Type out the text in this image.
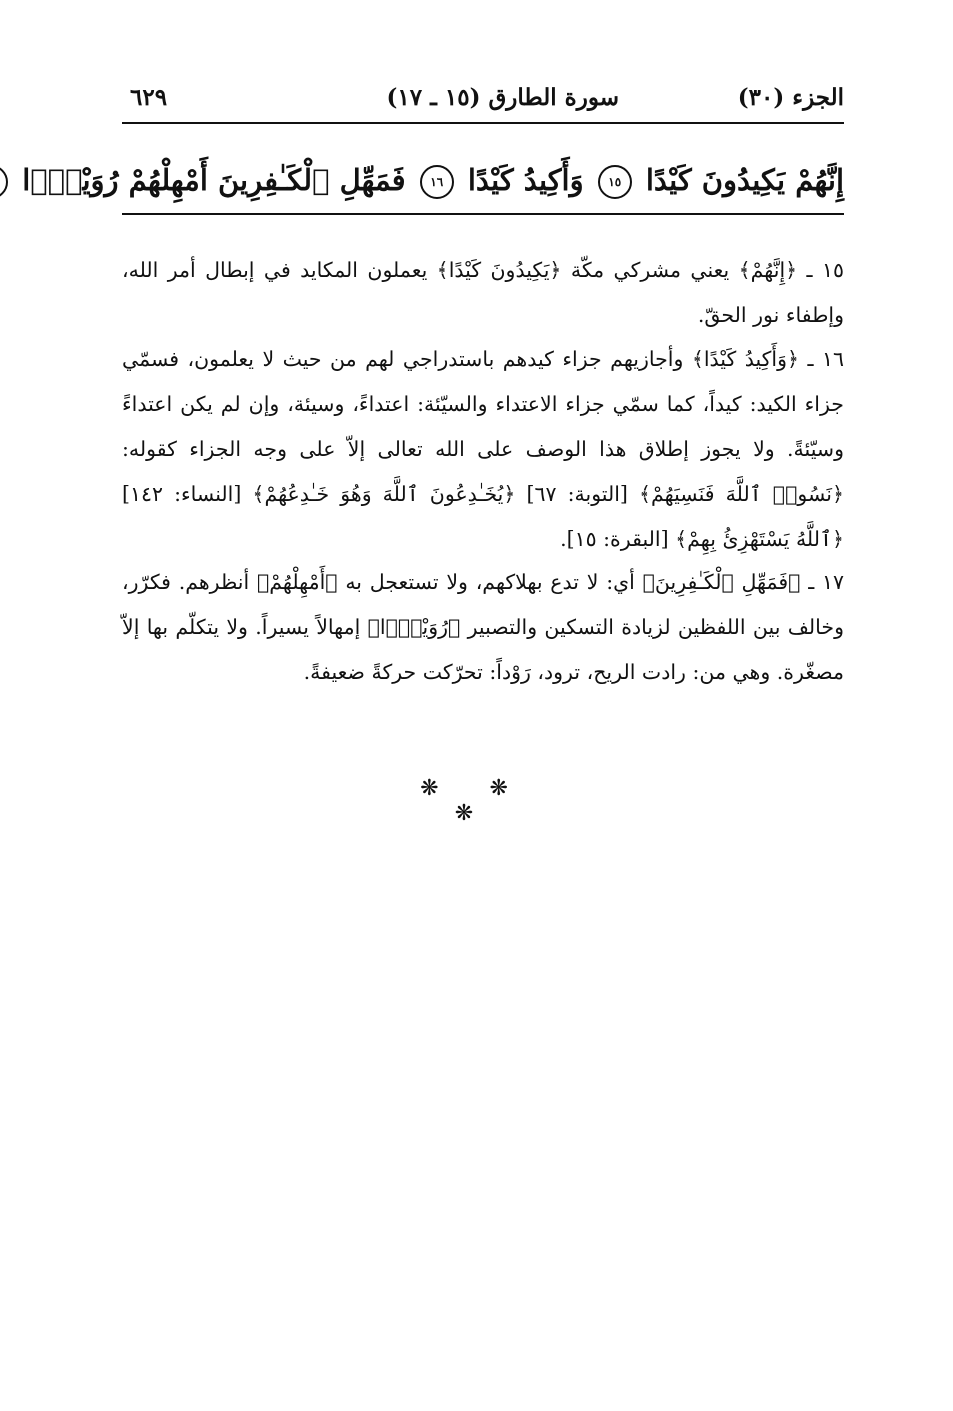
الجزء (٣٠)
سورة الطارق (١٥ ـ ١٧)
٦٢٩
إِنَّهُمْ يَكِيدُونَ كَيْدًا ١٥ وَأَكِيدُ كَيْدًا ١٦ فَمَهِّلِ ٱلْكَـٰفِرِينَ أَمْهِلْهُمْ رُوَيْدًۢا
١٥ ـ ﴿إِنَّهُمْ﴾ يعني مشركي مكّة ﴿يَكِيدُونَ كَيْدًا﴾ يعملون المكايد في إبطال أمر الله، وإطفاء نور الحقّ.
١٦ ـ ﴿وَأَكِيدُ كَيْدًا﴾ وأجازيهم جزاء كيدهم باستدراجي لهم من حيث لا يعلمون، فسمّي جزاء الكيد: كيداً، كما سمّي جزاء الاعتداء والسيّئة: اعتداءً، وسيئة، وإن لم يكن اعتداءً وسيّئةً. ولا يجوز إطلاق هذا الوصف على الله تعالى إلاّ على وجه الجزاء كقوله: ﴿نَسُوا۟ ٱللَّهَ فَنَسِيَهُمْ﴾ [التوبة: ٦٧] ﴿يُخَـٰدِعُونَ ٱللَّهَ وَهُوَ خَـٰدِعُهُمْ﴾ [النساء: ١٤٢] ﴿ٱللَّهُ يَسْتَهْزِئُ بِهِمْ﴾ [البقرة: ١٥].
١٧ ـ ﴿فَمَهِّلِ ٱلْكَـٰفِرِينَ﴾ أي: لا تدع بهلاكهم، ولا تستعجل به ﴿أَمْهِلْهُمْ﴾ أنظرهم. فكرّر، وخالف بين اللفظين لزيادة التسكين والتصبير ﴿رُوَيْدًۢا﴾ إمهالاً يسيراً. ولا يتكلّم بها إلاّ مصغّرة. وهي من: رادت الريح، ترود، رَوْداً: تحرّكت حركةً ضعيفةً.
❋ ❋ ❋
